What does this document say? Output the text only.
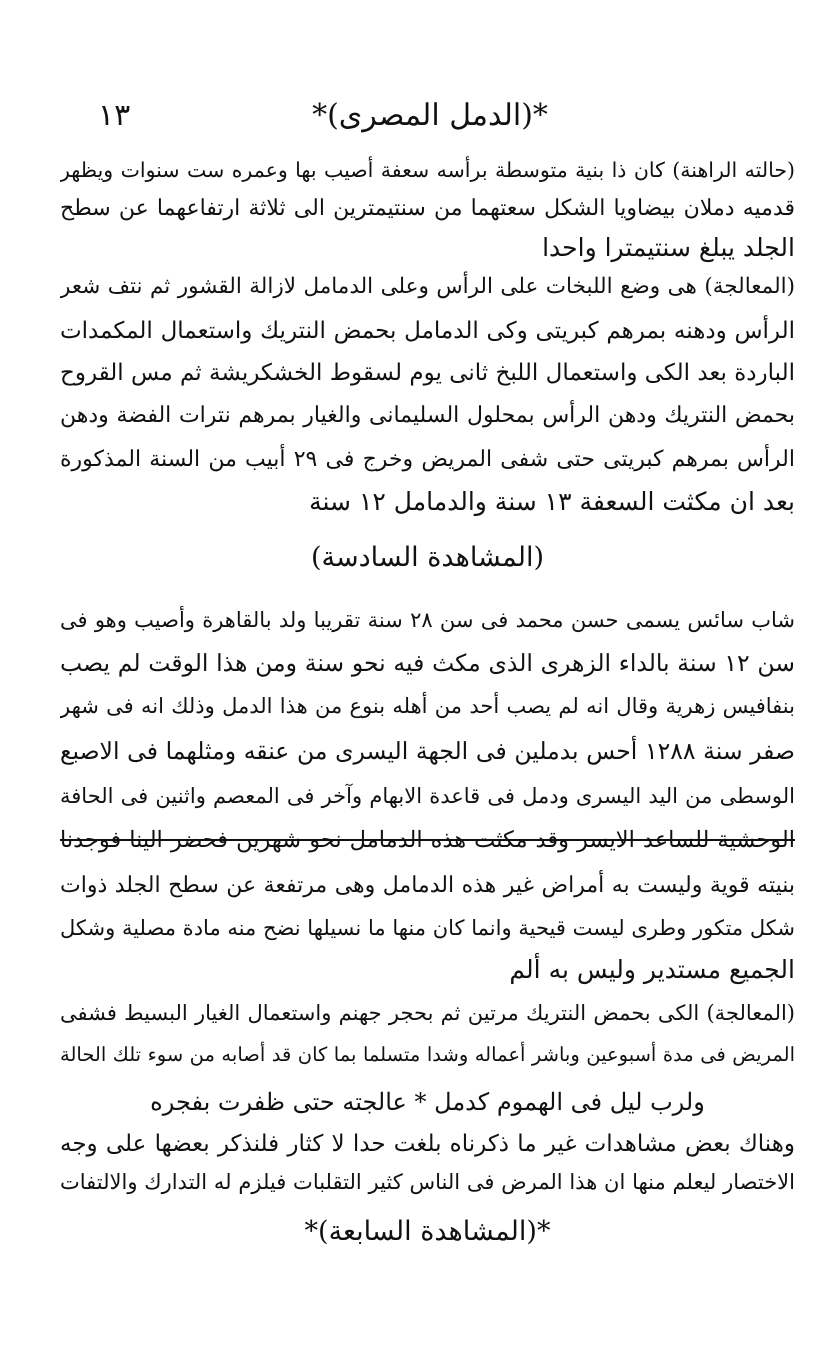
*(الدمل المصرى)*
١٣
(حالته الراهنة) كان ذا بنية متوسطة برأسه سعفة أصيب بها وعمره ست سنوات ويظهر
قدميه دملان بيضاويا الشكل سعتهما من سنتيمترين الى ثلاثة ارتفاعهما عن سطح
الجلد يبلغ سنتيمترا واحدا
(المعالجة) هى وضع اللبخات على الرأس وعلى الدمامل لازالة القشور ثم نتف شعر
الرأس ودهنه بمرهم كبريتى وكى الدمامل بحمض النتريك واستعمال المكمدات
الباردة بعد الكى واستعمال اللبخ ثانى يوم لسقوط الخشكريشة ثم مس القروح
بحمض النتريك ودهن الرأس بمحلول السليمانى والغيار بمرهم نترات الفضة ودهن
الرأس بمرهم كبريتى حتى شفى المريض وخرج فى ٢٩ أبيب من السنة المذكورة
بعد ان مكثت السعفة ١٣ سنة والدمامل ١٢ سنة
(المشاهدة السادسة)
شاب سائس يسمى حسن محمد فى سن ٢٨ سنة تقريبا ولد بالقاهرة وأصيب وهو فى
سن ١٢ سنة بالداء الزهرى الذى مكث فيه نحو سنة ومن هذا الوقت لم يصب
بنفافيس زهرية وقال انه لم يصب أحد من أهله بنوع من هذا الدمل وذلك انه فى شهر
صفر سنة ١٢٨٨ أحس بدملين فى الجهة اليسرى من عنقه ومثلهما فى الاصبع
الوسطى من اليد اليسرى ودمل فى قاعدة الابهام وآخر فى المعصم واثنين فى الحافة
الوحشية للساعد الايسر وقد مكثت هذه الدمامل نحو شهرين فحضر الينا فوجدنا
بنيته قوية وليست به أمراض غير هذه الدمامل وهى مرتفعة عن سطح الجلد ذوات
شكل متكور وطرى ليست قيحية وانما كان منها ما نسيلها نضح منه مادة مصلية وشكل
الجميع مستدير وليس به ألم
(المعالجة) الكى بحمض النتريك مرتين ثم بحجر جهنم واستعمال الغيار البسيط فشفى
المريض فى مدة أسبوعين وباشر أعماله وشدا متسلما بما كان قد أصابه من سوء تلك الحالة
ولرب ليل فى الهموم كدمل * عالجته حتى ظفرت بفجره
وهناك بعض مشاهدات غير ما ذكرناه بلغت حدا لا كثار فلنذكر بعضها على وجه
الاختصار ليعلم منها ان هذا المرض فى الناس كثير التقلبات فيلزم له التدارك والالتفات
*(المشاهدة السابعة)*
